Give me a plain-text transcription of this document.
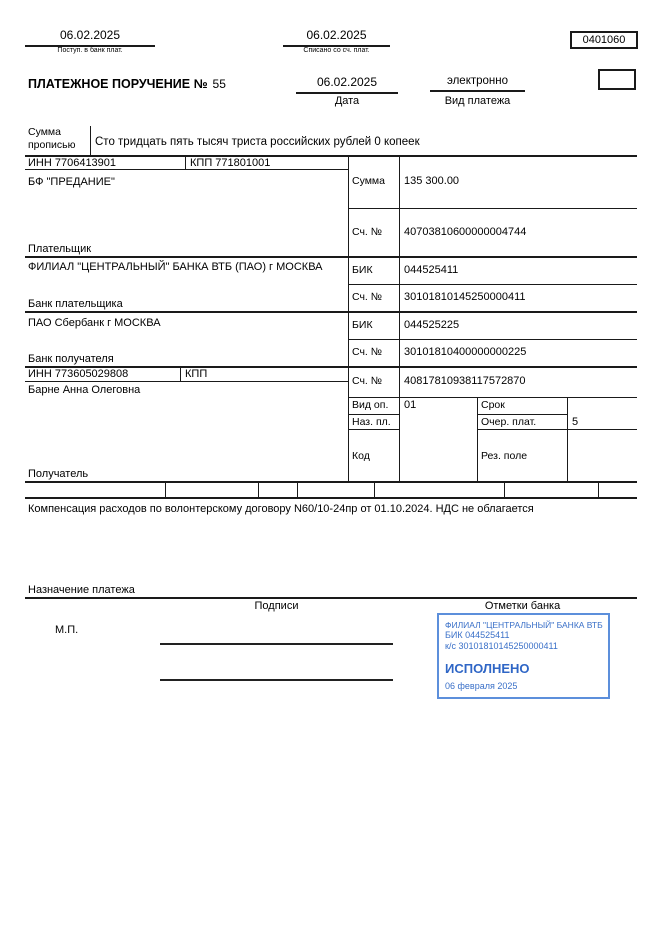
06.02.2025
Поступ. в банк плат.
06.02.2025
Списано со сч. плат.
0401060
ПЛАТЕЖНОЕ ПОРУЧЕНИЕ № 55	06.02.2025
Дата
электронно
Вид платежа
Сумма
прописью	Сто тридцать пять тысяч триста российских рублей 0 копеек
ИНН 7706413901	КПП 771801001
БФ "ПРЕДАНИЕ"
Плательщик
ФИЛИАЛ "ЦЕНТРАЛЬНЫЙ" БАНКА ВТБ (ПАО) г МОСКВА
Банк плательщика
ПАО Сбербанк г МОСКВА
Банк получателя
ИНН 773605029808	КПП
Барне Анна Олеговна
Получатель
Сумма 135 300.00
Сч. № 40703810600000004744
БИК	044525411
Сч. № 30101810145250000411
БИК	044525225
Сч. № 30101810400000000225
Сч. № 40817810938117572870
Вид оп. 01	Срок
Наз. пл.	Очер. плат.	5
Код	Рез. поле
Компенсация расходов по волонтерскому договору N60/10-24пр от 01.10.2024. НДС не облагается
Назначение платежа
Подписи	Отметки банка
М.П.	ФИЛИАЛ "ЦЕНТРАЛЬНЫЙ" БАНКА ВТБ
БИК 044525411
к/с 30101810145250000411
ИСПОЛНЕНО
06 февраля 2025
